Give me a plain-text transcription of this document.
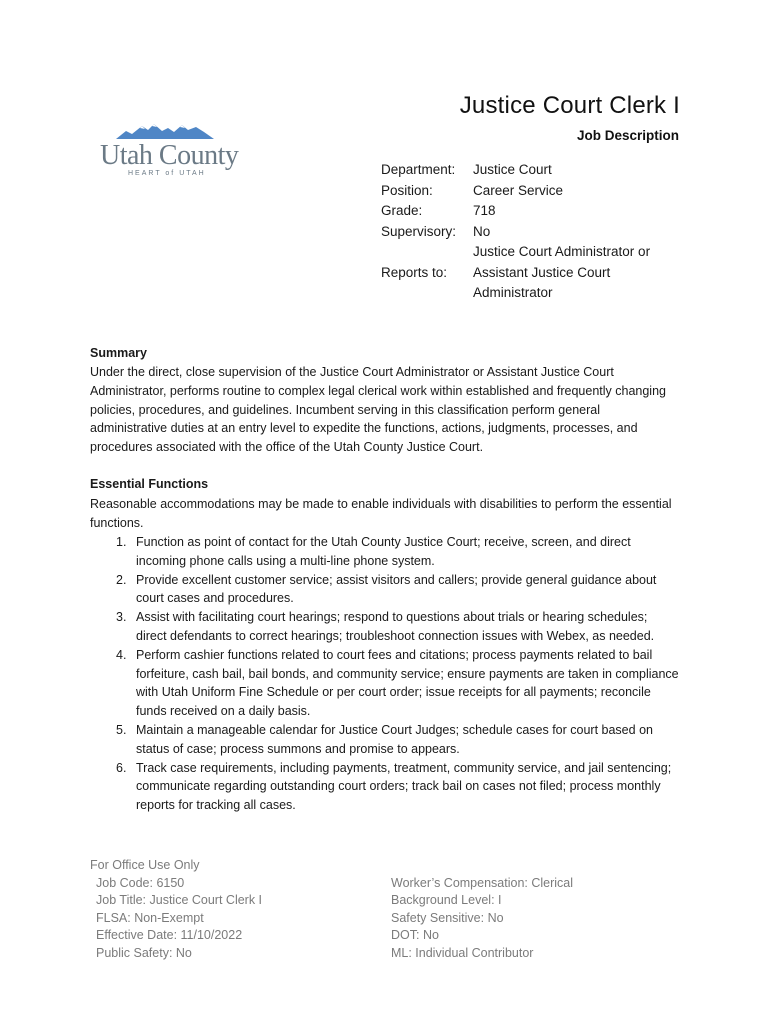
Justice Court Clerk I
Job Description
Utah County
HEART of UTAH	Department:	Justice Court
Position:	Career Service
Grade:	718
Supervisory:	No
Reports to:
Justice Court Administrator or Assistant Justice Court Administrator
Summary
Under the direct, close supervision of the Justice Court Administrator or Assistant Justice Court Administrator, performs routine to complex legal clerical work within established and frequently changing policies, procedures, and guidelines. Incumbent serving in this classification perform general administrative duties at an entry level to expedite the functions, actions, judgments, processes, and procedures associated with the office of the Utah County Justice Court.
Essential Functions
Reasonable accommodations may be made to enable individuals with disabilities to perform the essential functions.
1. Function as point of contact for the Utah County Justice Court; receive, screen, and direct incoming phone calls using a multi-line phone system.
2. Provide excellent customer service; assist visitors and callers; provide general guidance about court cases and procedures.
3. Assist with facilitating court hearings; respond to questions about trials or hearing schedules; direct defendants to correct hearings; troubleshoot connection issues with Webex, as needed.
4. Perform cashier functions related to court fees and citations; process payments related to bail forfeiture, cash bail, bail bonds, and community service; ensure payments are taken in compliance with Utah Uniform Fine Schedule or per court order; issue receipts for all payments; reconcile funds received on a daily basis.
5. Maintain a manageable calendar for Justice Court Judges; schedule cases for court based on status of case; process summons and promise to appears.
6. Track case requirements, including payments, treatment, community service, and jail sentencing; communicate regarding outstanding court orders; track bail on cases not filed; process monthly reports for tracking all cases.
For Office Use Only
Job Code: 6150
Job Title: Justice Court Clerk I
FLSA: Non-Exempt
Effective Date: 11/10/2022
Public Safety: No
Worker’s Compensation: Clerical
Background Level: I
Safety Sensitive: No
DOT: No
ML: Individual Contributor
